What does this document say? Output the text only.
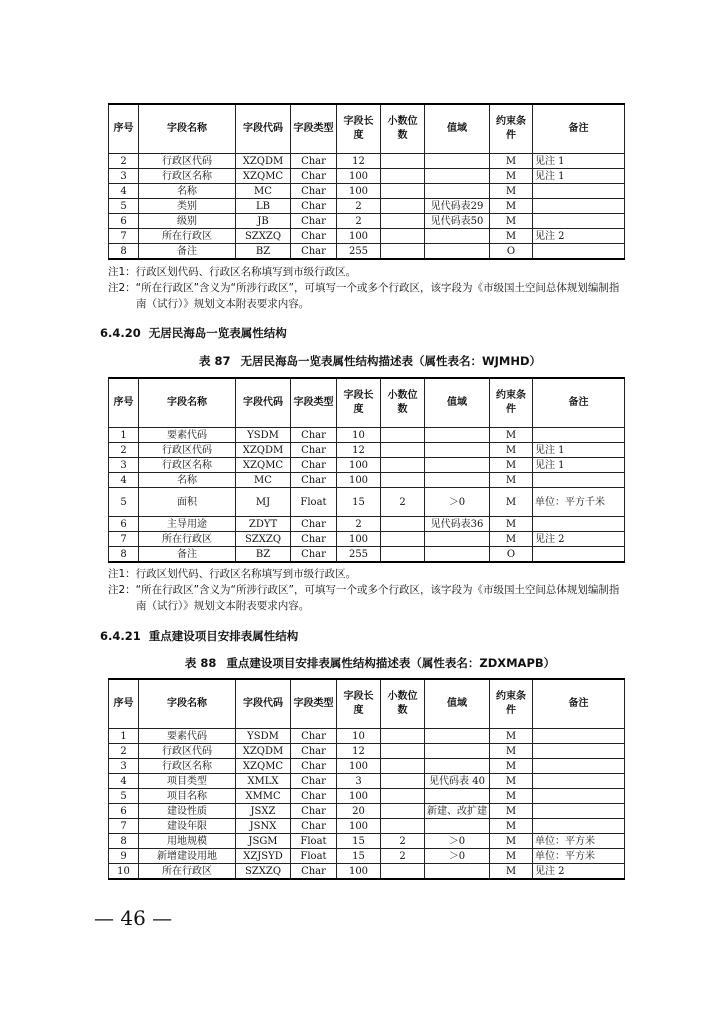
序号	字段名称	字段代码	字段类型	字段长度	小数位数	值域	约束条件	备注
2	行政区代码	XZQDM	Char	12			M	见注 1
3	行政区名称	XZQMC	Char	100			M	见注 1
4	名称	MC	Char	100			M	
5	类别	LB	Char	2		见代码表29	M	
6	级别	JB	Char	2		见代码表50	M	
7	所在行政区	SZXZQ	Char	100			M	见注 2
8	备注	BZ	Char	255			O	

注1：行政区划代码、行政区名称填写到市级行政区。

注2：“所在行政区”含义为“所涉行政区”，可填写一个或多个行政区，该字段为《市级国土空间总体规划编制指南（试行）》规划文本附表要求内容。

6.4.20 无居民海岛一览表属性结构
表 87 无居民海岛一览表属性结构描述表（属性表名：WJMHD）
序号	字段名称	字段代码	字段类型	字段长度	小数位数	值域	约束条件	备注
1	要素代码	YSDM	Char	10			M	
2	行政区代码	XZQDM	Char	12			M	见注 1
3	行政区名称	XZQMC	Char	100			M	见注 1
4	名称	MC	Char	100			M	
5	面积	MJ	Float	15	2	＞0	M	单位：平方千米
6	主导用途	ZDYT	Char	2		见代码表36	M	
7	所在行政区	SZXZQ	Char	100			M	见注 2
8	备注	BZ	Char	255			O	

注1：行政区划代码、行政区名称填写到市级行政区。

注2：“所在行政区”含义为“所涉行政区”，可填写一个或多个行政区，该字段为《市级国土空间总体规划编制指南（试行）》规划文本附表要求内容。

6.4.21 重点建设项目安排表属性结构
表 88 重点建设项目安排表属性结构描述表（属性表名：ZDXMAPB）
序号	字段名称	字段代码	字段类型	字段长度	小数位数	值域	约束条件	备注
1	要素代码	YSDM	Char	10			M	
2	行政区代码	XZQDM	Char	12			M	
3	行政区名称	XZQMC	Char	100			M	
4	项目类型	XMLX	Char	3		见代码表 40	M	
5	项目名称	XMMC	Char	100			M	
6	建设性质	JSXZ	Char	20		新建、改扩建	M	
7	建设年限	JSNX	Char	100			M	
8	用地规模	JSGM	Float	15	2	＞0	M	单位：平方米
9	新增建设用地	XZJSYD	Float	15	2	＞0	M	单位：平方米
10	所在行政区	SZXZQ	Char	100			M	见注 2
— 46 —
